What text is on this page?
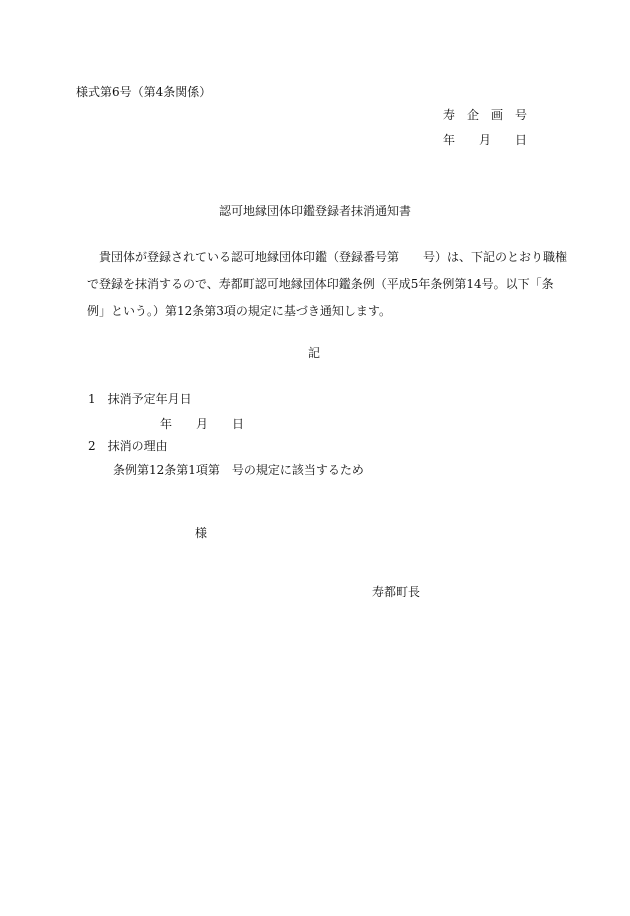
様式第6号（第4条関係）
寿　企　画　号
年　　月　　日
認可地縁団体印鑑登録者抹消通知書
貴団体が登録されている認可地縁団体印鑑（登録番号第　　号）は、下記のとおり職権
で登録を抹消するので、寿都町認可地縁団体印鑑条例（平成5年条例第14号。以下「条
例」という。）第12条第3項の規定に基づき通知します。
記
1　抹消予定年月日
年　　月　　日
2　抹消の理由
条例第12条第1項第　号の規定に該当するため
様
寿都町長
